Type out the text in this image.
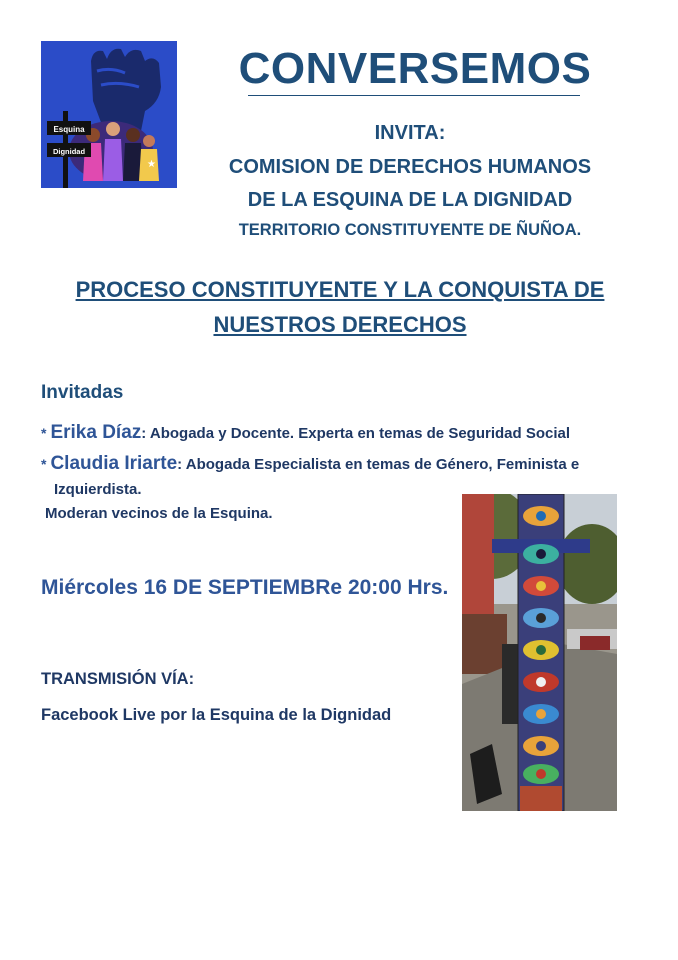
Esquina
Dignidad
★
CONVERSEMOS
INVITA:
COMISION DE DERECHOS HUMANOS
DE LA ESQUINA DE LA DIGNIDAD
TERRITORIO CONSTITUYENTE DE ÑUÑOA.
PROCESO CONSTITUYENTE Y LA CONQUISTA DE
NUESTROS DERECHOS
Invitadas
* Erika Díaz: Abogada y Docente. Experta en temas de Seguridad Social
* Claudia Iriarte: Abogada Especialista en temas de Género, Feminista e
Izquierdista.
Moderan vecinos de la Esquina.
Miércoles 16 DE SEPTIEMBRe 20:00 Hrs.
TRANSMISIÓN VÍA:
Facebook Live por la Esquina de la Dignidad
